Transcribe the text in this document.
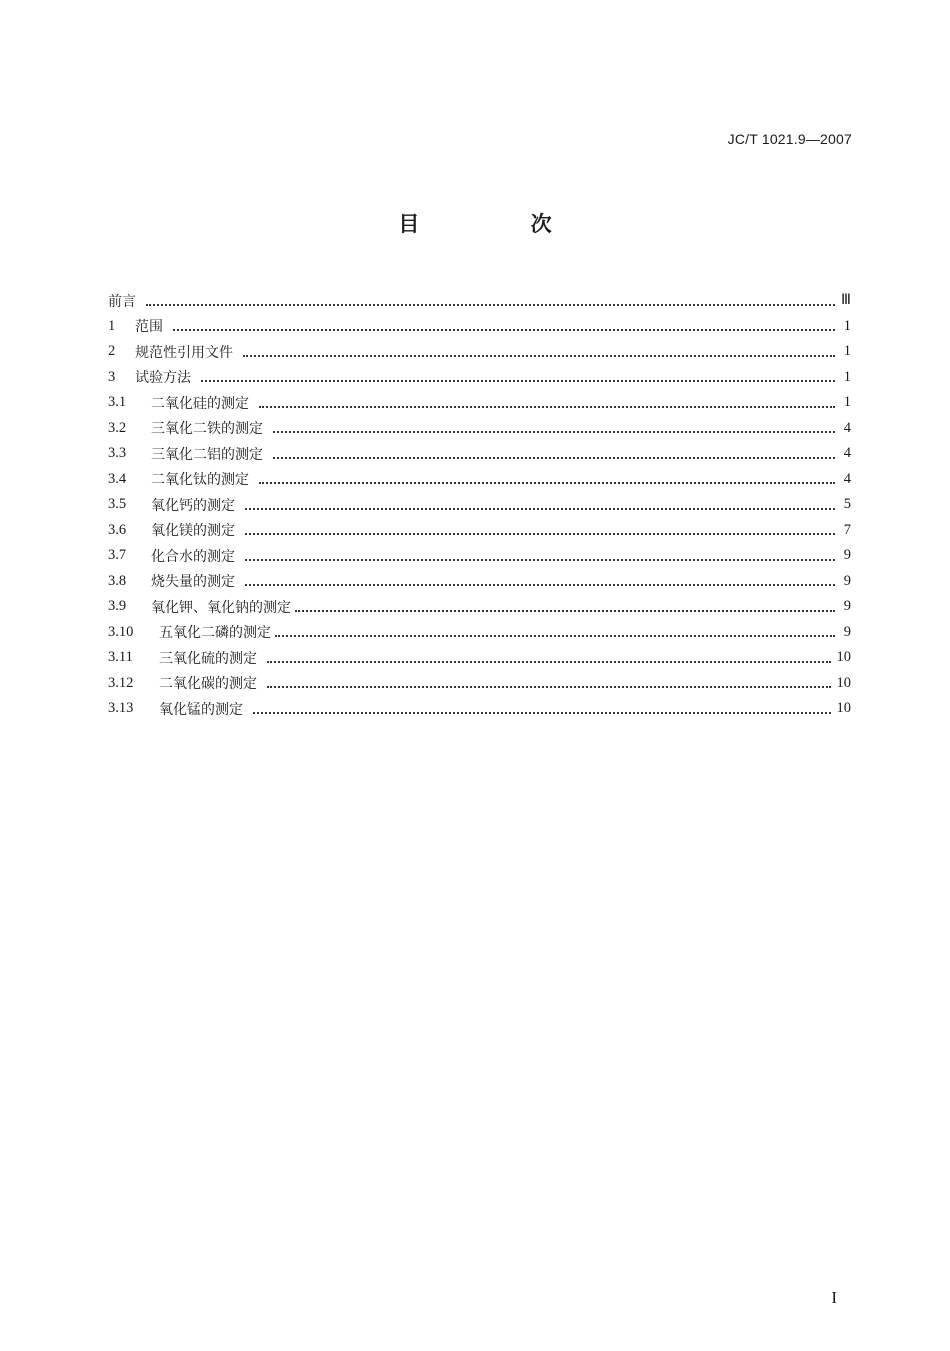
JC/T 1021.9—2007
目 次
前言	Ⅲ
1	范围	1
2	规范性引用文件	1
3	试验方法	1
3.1	二氧化硅的测定	1
3.2	三氧化二铁的测定	4
3.3	三氧化二铝的测定	4
3.4	二氧化钛的测定	4
3.5	氧化钙的测定	5
3.6	氧化镁的测定	7
3.7	化合水的测定	9
3.8	烧失量的测定	9
3.9	氧化钾、氧化钠的测定	9
3.10	五氧化二磷的测定	9
3.11	三氧化硫的测定	10
3.12	二氧化碳的测定	10
3.13	氧化锰的测定	10
I
